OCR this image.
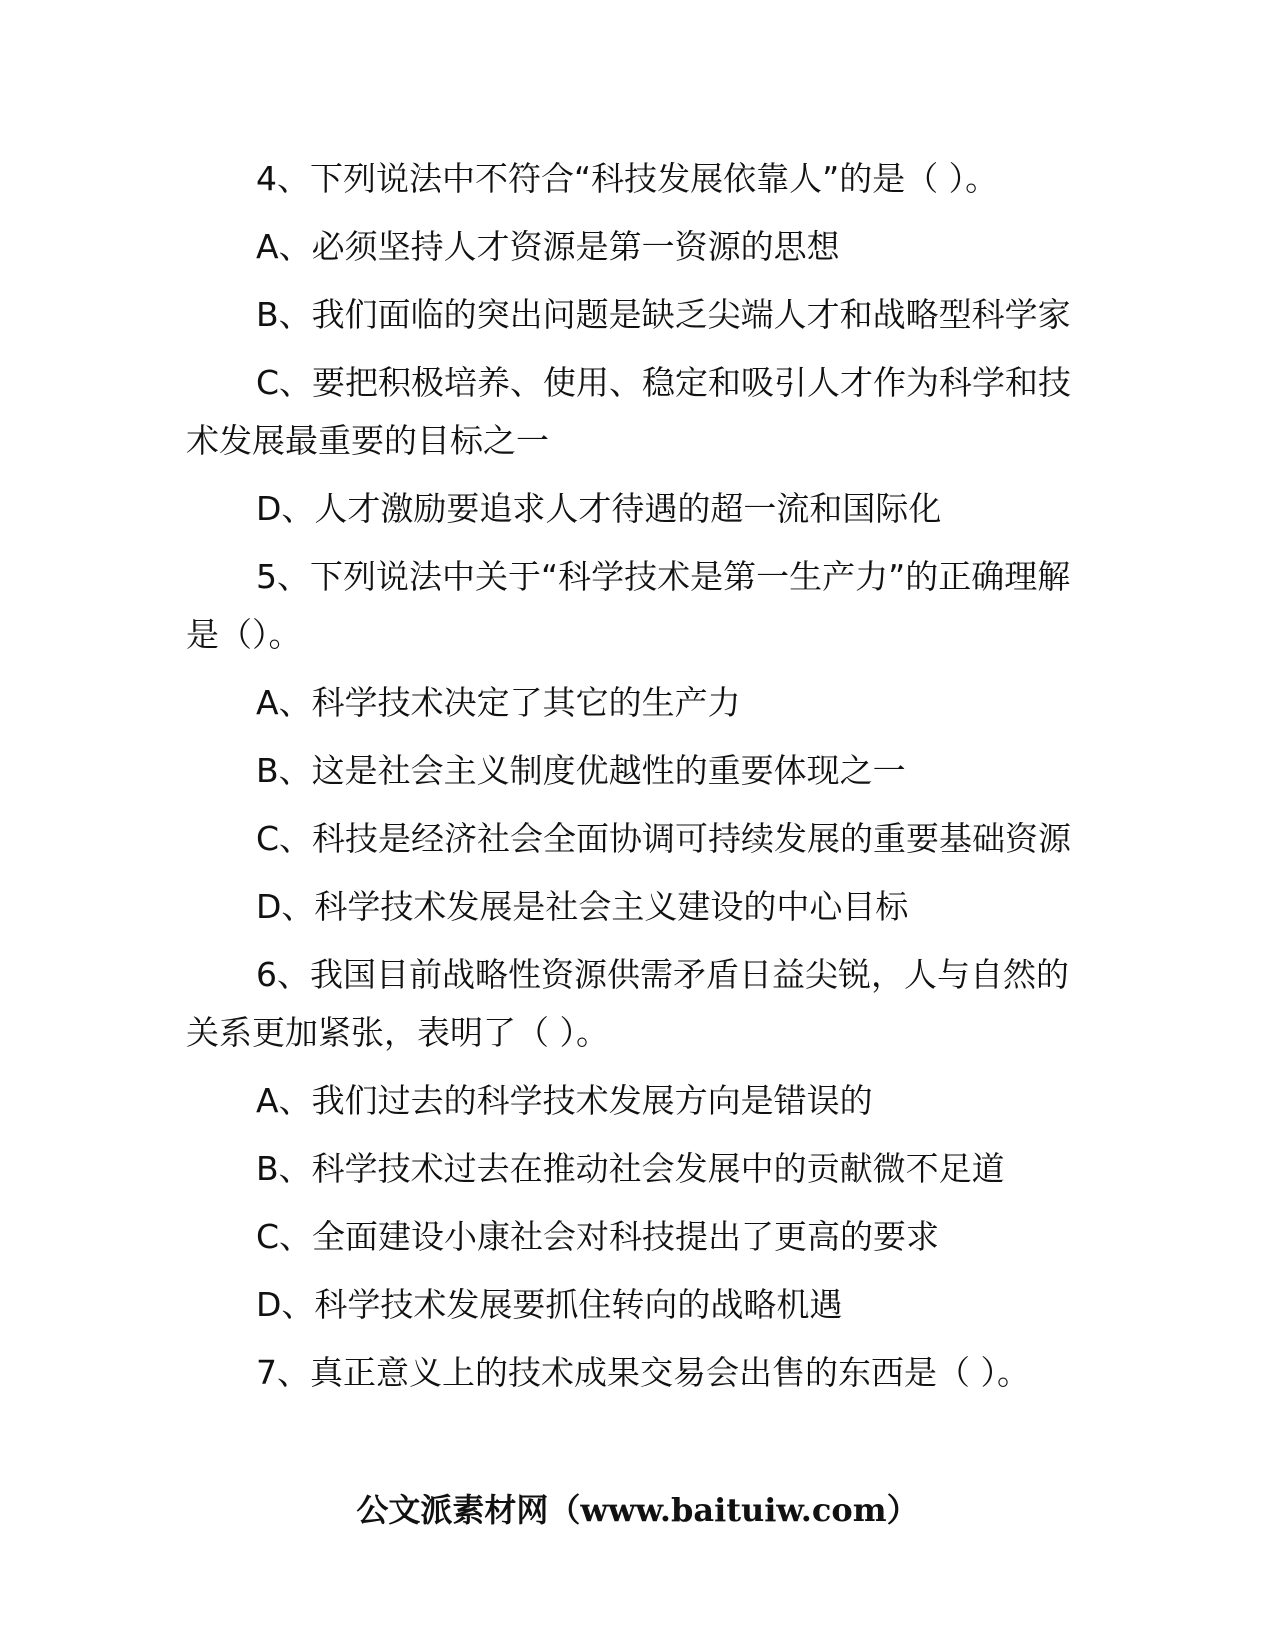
4、下列说法中不符合“科技发展依靠人”的是（ ）。

A、必须坚持人才资源是第一资源的思想

B、我们面临的突出问题是缺乏尖端人才和战略型科学家

C、要把积极培养、使用、稳定和吸引人才作为科学和技术发展最重要的目标之一

D、人才激励要追求人才待遇的超一流和国际化

5、下列说法中关于“科学技术是第一生产力”的正确理解是（）。

A、科学技术决定了其它的生产力

B、这是社会主义制度优越性的重要体现之一

C、科技是经济社会全面协调可持续发展的重要基础资源

D、科学技术发展是社会主义建设的中心目标

6、我国目前战略性资源供需矛盾日益尖锐，人与自然的关系更加紧张，表明了（ ）。

A、我们过去的科学技术发展方向是错误的

B、科学技术过去在推动社会发展中的贡献微不足道

C、全面建设小康社会对科技提出了更高的要求

D、科学技术发展要抓住转向的战略机遇

7、真正意义上的技术成果交易会出售的东西是（ ）。

公文派素材网（www.baituiw.com）
